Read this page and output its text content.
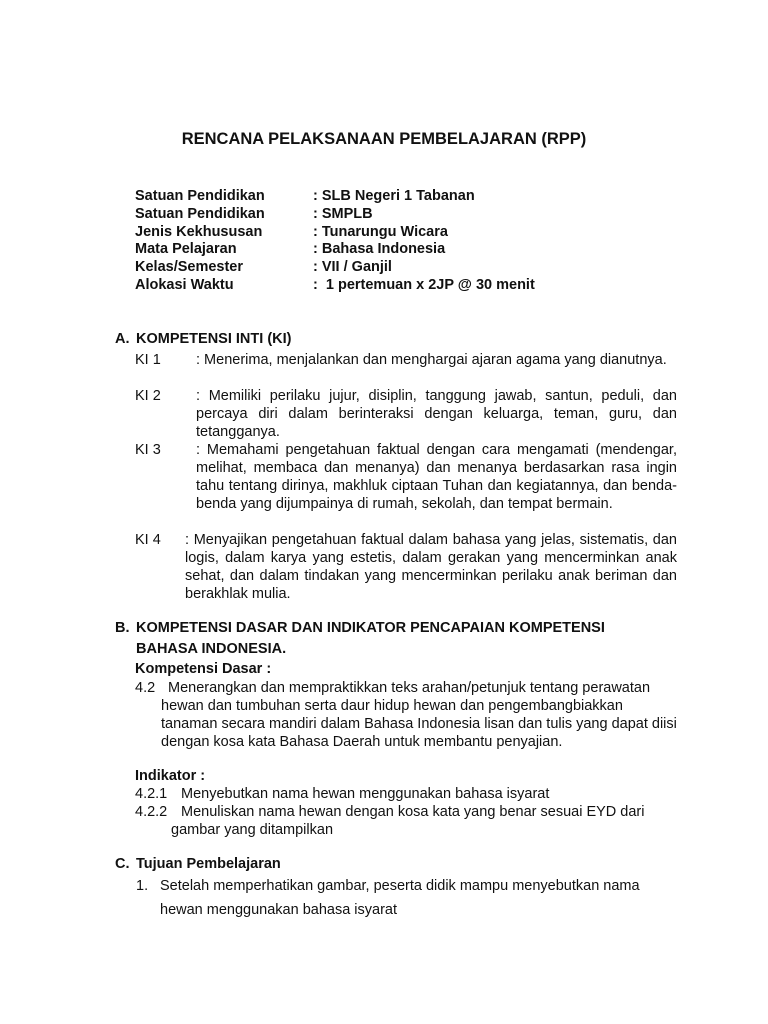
RENCANA PELAKSANAAN PEMBELAJARAN (RPP)
Satuan Pendidikan	: SLB Negeri 1 Tabanan
Satuan Pendidikan	: SMPLB
Jenis Kekhususan	: Tunarungu Wicara
Mata Pelajaran	: Bahasa Indonesia
Kelas/Semester	: VII / Ganjil
Alokasi Waktu	:  1 pertemuan x 2JP @ 30 menit
A. KOMPETENSI INTI (KI)
KI 1 : Menerima, menjalankan dan menghargai ajaran agama yang dianutnya.
KI 2 : Memiliki perilaku jujur, disiplin, tanggung jawab, santun, peduli, dan percaya diri dalam berinteraksi dengan keluarga, teman, guru, dan tetangganya.
KI 3 : Memahami pengetahuan faktual dengan cara mengamati (mendengar, melihat, membaca dan menanya) dan menanya berdasarkan rasa ingin tahu tentang dirinya, makhluk ciptaan Tuhan dan kegiatannya, dan benda-benda yang dijumpainya di rumah, sekolah, dan tempat bermain.
KI 4 : Menyajikan pengetahuan faktual dalam bahasa yang jelas, sistematis, dan logis, dalam karya yang estetis, dalam gerakan yang mencerminkan anak sehat, dan dalam tindakan yang mencerminkan perilaku anak beriman dan berakhlak mulia.
B. KOMPETENSI DASAR DAN INDIKATOR PENCAPAIAN KOMPETENSI
BAHASA INDONESIA.
Kompetensi Dasar :
4.2 Menerangkan dan mempraktikkan teks arahan/petunjuk tentang perawatan hewan dan tumbuhan serta daur hidup hewan dan pengembangbiakkan tanaman secara mandiri dalam Bahasa Indonesia lisan dan tulis yang dapat diisi dengan kosa kata Bahasa Daerah untuk membantu penyajian.
Indikator :
4.2.1 Menyebutkan nama hewan menggunakan bahasa isyarat
4.2.2 Menuliskan nama hewan dengan kosa kata yang benar sesuai EYD dari
gambar yang ditampilkan
C. Tujuan Pembelajaran
1. Setelah memperhatikan gambar, peserta didik mampu menyebutkan nama
hewan menggunakan bahasa isyarat
